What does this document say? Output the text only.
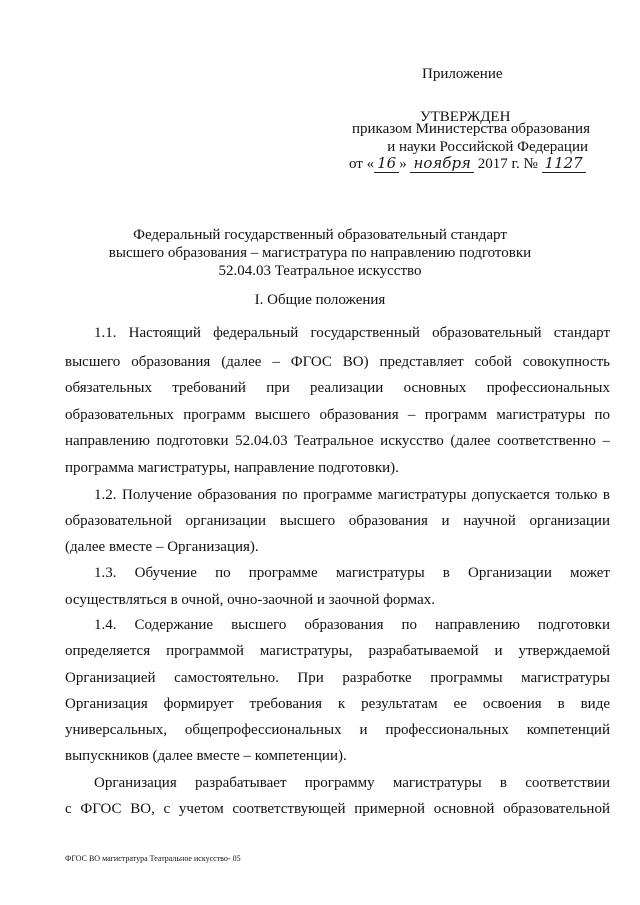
Приложение
УТВЕРЖДЕН
приказом Министерства образования
и науки Российской Федерации
от « 16 » ноября 2017 г. № 1127
Федеральный государственный образовательный стандарт
высшего образования – магистратура по направлению подготовки
52.04.03 Театральное искусство
I. Общие положения
1.1. Настоящий федеральный государственный образовательный стандарт
высшего образования (далее – ФГОС ВО) представляет собой совокупность
обязательных требований при реализации основных профессиональных
образовательных программ высшего образования – программ магистратуры по
направлению подготовки 52.04.03 Театральное искусство (далее соответственно –
программа магистратуры, направление подготовки).
1.2. Получение образования по программе магистратуры допускается только в
образовательной организации высшего образования и научной организации
(далее вместе – Организация).
1.3. Обучение по программе магистратуры в Организации может
осуществляться в очной, очно-заочной и заочной формах.
1.4. Содержание высшего образования по направлению подготовки
определяется программой магистратуры, разрабатываемой и утверждаемой
Организацией самостоятельно. При разработке программы магистратуры
Организация формирует требования к результатам ее освоения в виде
универсальных, общепрофессиональных и профессиональных компетенций
выпускников (далее вместе – компетенции).
Организация разрабатывает программу магистратуры в соответствии
с ФГОС ВО, с учетом соответствующей примерной основной образовательной
ФГОС ВО магистратура Театральное искусство- 05
